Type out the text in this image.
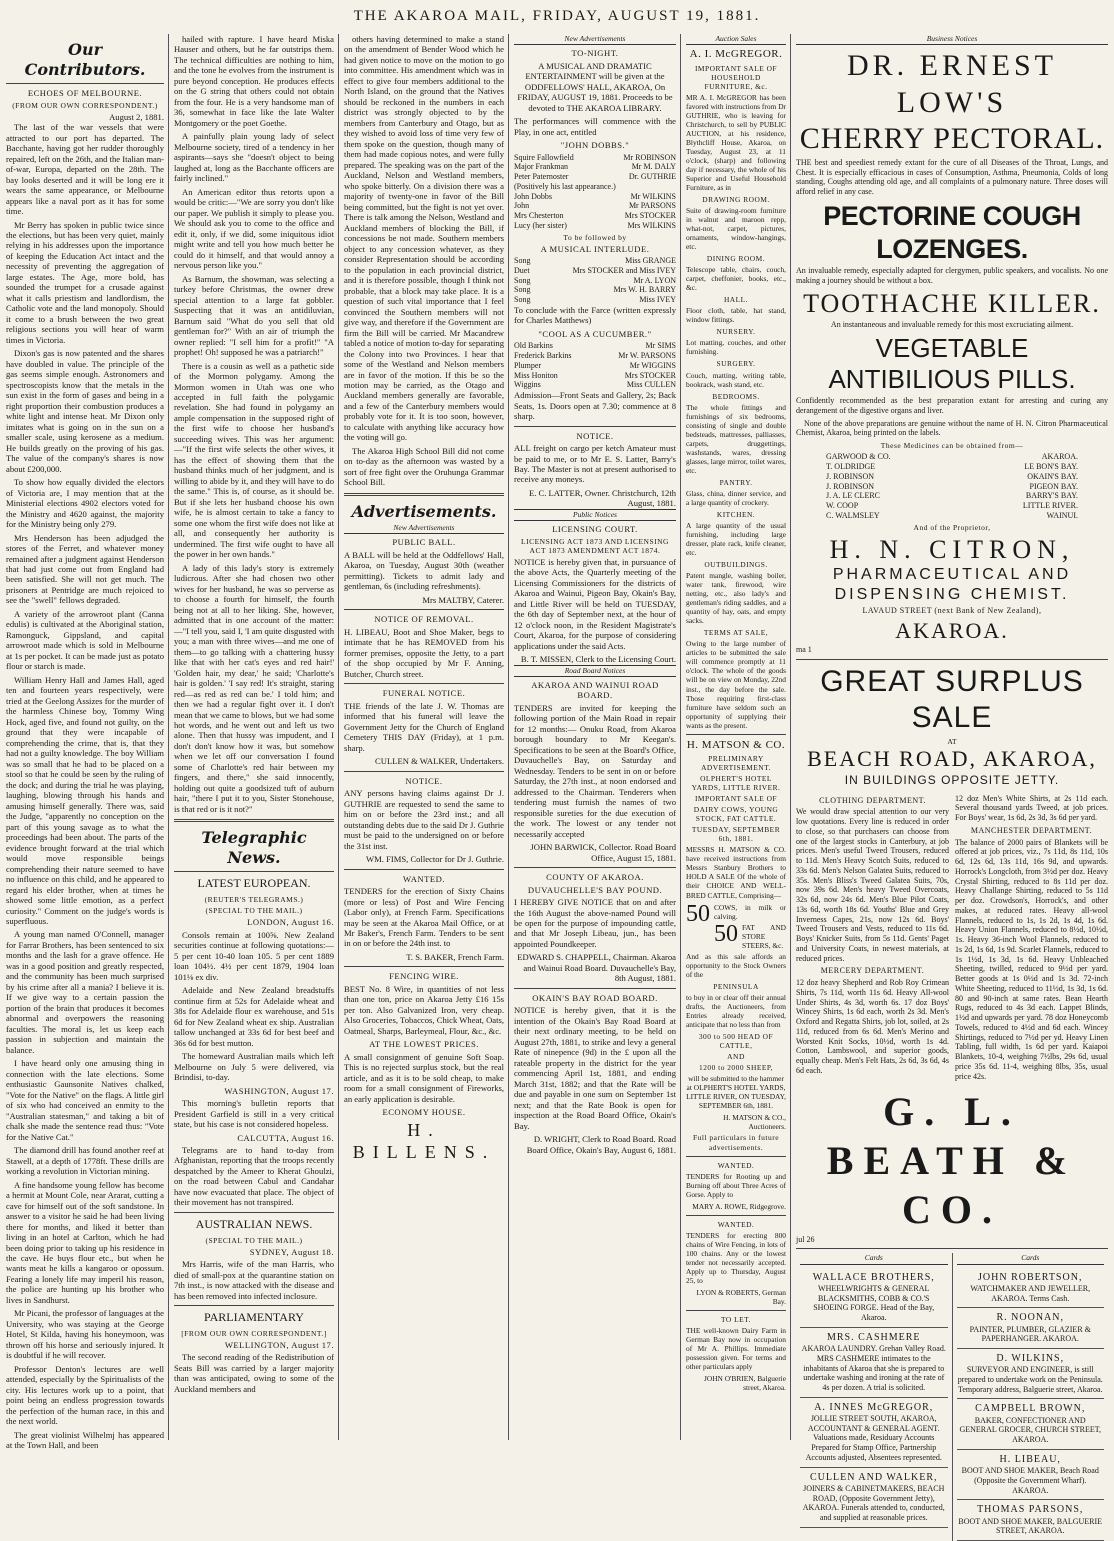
THE AKAROA MAIL, FRIDAY, AUGUST 19, 1881.
Our Contributors.
ECHOES OF MELBOURNE.
(FROM OUR OWN CORRESPONDENT.)
August 2, 1881.

The last of the war vessels that were attracted to our port has departed. The Bacchante, having got her rudder thoroughly repaired, left on the 26th, and the Italian man-of-war, Europa, departed on the 28th. The bay looks deserted and it will be long ere it wears the same appearance, or Melbourne appears like a naval port as it has for some time.

Mr Berry has spoken in public twice since the elections, but has been very quiet, mainly relying in his addresses upon the importance of keeping the Education Act intact and the necessity of preventing the aggregation of large estates. The Age, more bold, has sounded the trumpet for a crusade against what it calls priestism and landlordism, the Catholic vote and the land monopoly. Should it come to a brush between the two great religious sections you will hear of warm times in Victoria.

Dixon's gas is now patented and the shares have doubled in value. The principle of the gas seems simple enough. Astronomers and spectroscopists know that the metals in the sun exist in the form of gases and being in a right proportion their combustion produces a white light and intense heat. Mr Dixon only imitates what is going on in the sun on a smaller scale, using kerosene as a medium. He builds greatly on the proving of his gas. The value of the company's shares is now about £200,000.

To show how equally divided the electors of Victoria are, I may mention that at the Ministerial elections 4902 electors voted for the Ministry and 4620 against, the majority for the Ministry being only 279.

Mrs Henderson has been adjudged the stores of the Ferret, and whatever money remained after a judgment against Henderson that had just come out from England had been satisfied. She will not get much. The prisoners at Pentridge are much rejoiced to see the "swell" fellows degraded.

A variety of the arrowroot plant (Canna edulis) is cultivated at the Aboriginal station, Ramonguck, Gippsland, and capital arrowroot made which is sold in Melbourne at 1s per pocket. It can be made just as potato flour or starch is made.

William Henry Hall and James Hall, aged ten and fourteen years respectively, were tried at the Geelong Assizes for the murder of the harmless Chinese boy, Tommy Wing Hock, aged five, and found not guilty, on the ground that they were incapable of comprehending the crime, that is, that they had not a guilty knowledge. The boy William was so small that he had to be placed on a stool so that he could be seen by the ruling of the dock; and during the trial he was playing, laughing, blowing through his hands and amusing himself generally. There was, said the Judge, "apparently no conception on the part of this young savage as to what the proceedings had been about. The parts of the evidence brought forward at the trial which would move responsible beings comprehending their nature seemed to have no influence on this child, and he appeared to regard his elder brother, when at times he showed some little emotion, as a perfect curiosity." Comment on the judge's words is superfluous.

A young man named O'Connell, manager for Farrar Brothers, has been sentenced to six months and the lash for a grave offence. He was in a good position and greatly respected, and the community has been much surprised by his crime after all a mania? I believe it is. If we give way to a certain passion the portion of the brain that produces it becomes abnormal and overpowers the reasoning faculties. The moral is, let us keep each passion in subjection and maintain the balance.

I have heard only one amusing thing in connection with the late elections. Some enthusiastic Gaunsonite Natives chalked, "Vote for the Native" on the flags. A little girl of six who had conceived an enmity to the "Australian statesman," and taking a bit of chalk she made the sentence read thus: "Vote for the Native Cat."

The diamond drill has found another reef at Stawell, at a depth of 1778ft. These drills are working a revolution in Victorian mining.

A fine handsome young fellow has become a hermit at Mount Cole, near Ararat, cutting a cave for himself out of the soft sandstone. In answer to a visitor he said he had been living there for months, and liked it better than living in an hotel at Carlton, which he had been doing prior to taking up his residence in the cave. He buys flour etc., but when he wants meat he kills a kangaroo or opossum. Fearing a lonely life may imperil his reason, the police are hunting up his brother who lives in Sandhurst.

Mr Picani, the professor of languages at the University, who was staying at the George Hotel, St Kilda, having his honeymoon, was thrown off his horse and seriously injured. It is doubtful if he will recover.

Professor Denton's lectures are well attended, especially by the Spiritualists of the city. His lectures work up to a point, that point being an endless progression towards the perfection of the human race, in this and the next world.

The great violinist Wilhelmj has appeared at the Town Hall, and been

hailed with rapture. I have heard Miska Hauser and others, but he far outstrips them. The technical difficulties are nothing to him, and the tone he evolves from the instrument is pure beyond conception. He produces effects on the G string that others could not obtain from the four. He is a very handsome man of 36, somewhat in face like the late Walter Montgomery or the poet Goethe.

A painfully plain young lady of select Melbourne society, tired of a tendency in her aspirants—says she "doesn't object to being laughed at, long as the Bacchante officers are fairly inclined."

An American editor thus retorts upon a would be critic:—"We are sorry you don't like our paper. We publish it simply to please you. We should ask you to come to the office and edit it, only, if we did, some iniquitous idiot might write and tell you how much better he could do it himself, and that would annoy a nervous person like you."

As Barnum, the showman, was selecting a turkey before Christmas, the owner drew special attention to a large fat gobbler. Suspecting that it was an antidiluvian, Barnum said "What do you sell that old gentleman for?" With an air of triumph the owner replied: "I sell him for a profit!" "A prophet! Oh! supposed he was a patriarch!"

There is a cousin as well as a pathetic side of the Mormon polygamy. Among the Mormon women in Utah was one who accepted in full faith the polygamic revelation. She had found in polygamy an ample compensation in the supposed right of the first wife to choose her husband's succeeding wives. This was her argument:—"If the first wife selects the other wives, it has the effect of showing them that the husband thinks much of her judgment, and is willing to abide by it, and they will have to do the same." This is, of course, as it should be. But if she lets her husband choose his own wife, he is almost certain to take a fancy to some one whom the first wife does not like at all, and consequently her authority is undermined. The first wife ought to have all the power in her own hands."

A lady of this lady's story is extremely ludicrous. After she had chosen two other wives for her husband, he was so perverse as to choose a fourth for himself, the fourth being not at all to her liking. She, however, admitted that in one account of the matter:—"I tell you, said I, 'I am quite disgusted with you; a man with three wives—and me one of them—to go talking with a chattering hussy like that with her cat's eyes and red hair!' 'Golden hair, my dear,' he said; 'Charlotte's hair is golden.' 'I say red! It's straight, staring red—as red as red can be.' I told him; and then we had a regular fight over it. I don't mean that we came to blows, but we had some hot words, and he went out and left us two alone. Then that hussy was impudent, and I don't don't know how it was, but somehow when we let off our conversation I found some of Charlotte's red hair between my fingers, and there," she said innocently, holding out quite a goodsized tuft of auburn hair, "there I put it to you, Sister Stonehouse, is that red or is it not?"

Telegraphic News.
LATEST EUROPEAN.
(REUTER'S TELEGRAMS.)
(SPECIAL TO THE MAIL.)
LONDON, August 16.

Consols remain at 100⅝. New Zealand securities continue at following quotations:—5 per cent 10-40 loan 105. 5 per cent 1889 loan 104½. 4½ per cent 1879, 1904 loan 101⅛ ex div.

Adelaide and New Zealand breadstuffs continue firm at 52s for Adelaide wheat and 38s for Adelaide flour ex warehouse, and 51s 6d for New Zealand wheat ex ship. Australian tallow unchanged at 33s 6d for best beef and 36s 6d for best mutton.

The homeward Australian mails which left Melbourne on July 5 were delivered, via Brindisi, to-day.

WASHINGTON, August 17.

This morning's bulletin reports that President Garfield is still in a very critical state, but his case is not considered hopeless.

CALCUTTA, August 16.

Telegrams are to hand to-day from Afghanistan, reporting that the troops recently despatched by the Ameer to Kherat Ghoulzi, on the road between Cabul and Candahar have now evacuated that place. The object of their movement has not transpired.

AUSTRALIAN NEWS.
(SPECIAL TO THE MAIL.)
SYDNEY, August 18.

Mrs Harris, wife of the man Harris, who died of small-pox at the quarantine station on 7th inst., is now attacked with the disease and has been removed into infected inclosure.

PARLIAMENTARY
[FROM OUR OWN CORRESPONDENT.]
WELLINGTON, August 17.

The second reading of the Redistribution of Seats Bill was carried by a larger majority than was anticipated, owing to some of the Auckland members and

others having determined to make a stand on the amendment of Bender Wood which he had given notice to move on the motion to go into committee. His amendment which was in effect to give four members additional to the North Island, on the ground that the Natives should be reckoned in the numbers in each district was strongly objected to by the members from Canterbury and Otago, but as they wished to avoid loss of time very few of them spoke on the question, though many of them had made copious notes, and were fully prepared. The speaking was on the part of the Auckland, Nelson and Westland members, who spoke bitterly. On a division there was a majority of twenty-one in favor of the Bill being committed, but the fight is not yet over. There is talk among the Nelson, Westland and Auckland members of blocking the Bill, if concessions be not made. Southern members object to any concession whatever, as they consider Representation should be according to the population in each provincial district, and it is therefore possible, though I think not probable, that a block may take place. It is a question of such vital importance that I feel convinced the Southern members will not give way, and therefore if the Government are firm the Bill will be carried. Mr Macandrew tabled a notice of motion to-day for separating the Colony into two Provinces. I hear that some of the Westland and Nelson members are in favor of the motion. If this be so the motion may be carried, as the Otago and Auckland members generally are favorable, and a few of the Canterbury members would probably vote for it. It is too soon, however, to calculate with anything like accuracy how the voting will go.

The Akaroa High School Bill did not come on to-day as the afternoon was wasted by a sort of free fight over the Oruhunga Grammar School Bill.

Advertisements.
New Advertisements
PUBLIC BALL.

A BALL will be held at the Oddfellows' Hall, Akaroa, on Tuesday, August 30th (weather permitting). Tickets to admit lady and gentleman, 6s (including refreshments).

Mrs MALTBY, Caterer.
NOTICE OF REMOVAL.

H. LIBEAU, Boot and Shoe Maker, begs to intimate that he has REMOVED from his former premises, opposite the Jetty, to a part of the shop occupied by Mr F. Anning, Butcher, Church street.

FUNERAL NOTICE.

THE friends of the late J. W. Thomas are informed that his funeral will leave the Government Jetty for the Church of England Cemetery THIS DAY (Friday), at 1 p.m. sharp.

CULLEN & WALKER, Undertakers.
NOTICE.

ANY persons having claims against Dr J. GUTHRIE are requested to send the same to him on or before the 23rd inst.; and all outstanding debts due to the said Dr J. Guthrie must be paid to the undersigned on or before the 31st inst.

WM. FIMS, Collector for Dr J. Guthrie.
WANTED.

TENDERS for the erection of Sixty Chains (more or less) of Post and Wire Fencing (Labor only), at French Farm. Specifications may be seen at the Akaroa Mail Office, or at Mr Baker's, French Farm. Tenders to be sent in on or before the 24th inst. to

T. S. BAKER, French Farm.
FENCING WIRE.

BEST No. 8 Wire, in quantities of not less than one ton, price on Akaroa Jetty £16 15s per ton. Also Galvanized Iron, very cheap. Also Groceries, Tobaccos, Chick Wheat, Oats, Oatmeal, Sharps, Barleymeal, Flour, &c., &c.

AT THE LOWEST PRICES.

A small consignment of genuine Soft Soap. This is no rejected surplus stock, but the real article, and as it is to be sold cheap, to make room for a small consignment of Fireworks, an early application is desirable.

ECONOMY HOUSE.
H. BILLENS.
New Advertisements
TO-NIGHT.

A MUSICAL AND DRAMATIC ENTERTAINMENT will be given at the ODDFELLOWS' HALL, AKAROA, On FRIDAY, AUGUST 19, 1881. Proceeds to be devoted to THE AKAROA LIBRARY.

The performances will commence with the Play, in one act, entitled

"JOHN DOBBS."
Squire Fallowfield	Mr ROBINSON
Major Frankman	Mr M. DALY
Peter Paternoster	Dr. GUTHRIE
(Positively his last appearance.)
John Dobbs	Mr WILKINS
John	Mr PARSONS
Mrs Chesterton	Mrs STOCKER
Lucy (her sister)	Mrs WILKINS
To be followed by
A MUSICAL INTERLUDE.
Song	Miss GRANGE
Duet	Mrs STOCKER and Miss IVEY
Song	Mr A. LYON
Song	Mrs W. H. BARRY
Song	Miss IVEY

To conclude with the Farce (written expressly for Charles Matthews)

"COOL AS A CUCUMBER."
Old Barkins	Mr SIMS
Frederick Barkins	Mr W. PARSONS
Plumper	Mr WIGGINS
Miss Honiton	Mrs STOCKER
Wiggins	Miss CULLEN

Admission—Front Seats and Gallery, 2s; Back Seats, 1s. Doors open at 7.30; commence at 8 sharp.

NOTICE.

ALL freight on cargo per ketch Amateur must be paid to me, or to Mr E. S. Latter, Barry's Bay. The Master is not at present authorised to receive any moneys.

E. C. LATTER, Owner. Christchurch, 12th August, 1881.
Public Notices
LICENSING COURT.
LICENSING ACT 1873 AND LICENSING ACT 1873 AMENDMENT ACT 1874.

NOTICE is hereby given that, in pursuance of the above Acts, the Quarterly meeting of the Licensing Commissioners for the districts of Akaroa and Wainui, Pigeon Bay, Okain's Bay, and Little River will be held on TUESDAY, the 6th day of September next, at the hour of 12 o'clock noon, in the Resident Magistrate's Court, Akaroa, for the purpose of considering applications under the said Acts.

B. T. MISSEN, Clerk to the Licensing Court.
Road Board Notices
AKAROA AND WAINUI ROAD BOARD.

TENDERS are invited for keeping the following portion of the Main Road in repair for 12 months:— Onuku Road, from Akaroa borough boundary to Mr Keegan's. Specifications to be seen at the Board's Office, Duvauchelle's Bay, on Saturday and Wednesday. Tenders to be sent in on or before Saturday, the 27th inst., at noon endorsed and addressed to the Chairman. Tenderers when tendering must furnish the names of two responsible sureties for the due execution of the work. The lowest or any tender not necessarily accepted

JOHN BARWICK, Collector. Road Board Office, August 15, 1881.
COUNTY OF AKAROA.
DUVAUCHELLE'S BAY POUND.

I HEREBY GIVE NOTICE that on and after the 16th August the above-named Pound will be open for the purpose of impounding cattle, and that Mr Joseph Libeau, jun., has been appointed Poundkeeper.

EDWARD S. CHAPPELL, Chairman. Akaroa and Wainui Road Board. Duvauchelle's Bay, 8th August, 1881.
OKAIN'S BAY ROAD BOARD.

NOTICE is hereby given, that it is the intention of the Okain's Bay Road Board at their next ordinary meeting, to be held on August 27th, 1881, to strike and levy a general Rate of ninepence (9d) in the £ upon all the rateable property in the district for the year commencing April 1st, 1881, and ending March 31st, 1882; and that the Rate will be due and payable in one sum on September 1st next; and that the Rate Book is open for inspection at the Road Board Office, Okain's Bay.

D. WRIGHT, Clerk to Road Board. Road Board Office, Okain's Bay, August 6, 1881.
Auction Sales
A. I. McGREGOR.
IMPORTANT SALE OF HOUSEHOLD FURNITURE, &c.

MR A. I. McGREGOR has been favored with instructions from Dr GUTHRIE, who is leaving for Christchurch, to sell by PUBLIC AUCTION, at his residence, Blythcliff House, Akaroa, on Tuesday, August 23, at 11 o'clock, (sharp) and following day if necessary, the whole of his Superior and Useful Household Furniture, as in

DRAWING ROOM.

Suite of drawing-room furniture in walnut and maroon repp, what-not, carpet, pictures, ornaments, window-hangings, etc.

DINING ROOM.

Telescope table, chairs, couch, carpet, cheffonier, books, etc., &c.

HALL.

Floor cloth, table, hat stand, window fittings.

NURSERY.

Lot matting, couches, and other furnishing.

SURGERY.

Couch, matting, writing table, bookrack, wash stand, etc.

BEDROOMS.

The whole fittings and furnishings of six bedrooms, consisting of single and double bedsteads, mattresses, palliasses, carpets, druggettings, washstands, wares, dressing glasses, large mirror, toilet wares, etc.

PANTRY.

Glass, china, dinner service, and a large quantity of crockery.

KITCHEN.

A large quantity of the usual furnishing, including large dresser, plate rack, knife cleaner, etc.

OUTBUILDINGS.

Patent mangle, washing boiler, water tank, firewood, wire netting, etc., also lady's and gentleman's riding saddles, and a quantity of hay, oats, and empty sacks.

TERMS AT SALE,

Owing to the large number of articles to be submitted the sale will commence promptly at 11 o'clock. The whole of the goods will be on view on Monday, 22nd inst., the day before the sale. Those requiring first-class furniture have seldom such an opportunity of supplying their wants as the present.

H. MATSON & CO.
PRELIMINARY ADVERTISEMENT.
OLPHERT'S HOTEL YARDS, LITTLE RIVER.
IMPORTANT SALE OF
DAIRY COWS, YOUNG STOCK, FAT CATTLE.
TUESDAY, SEPTEMBER 6th, 1881.

MESSRS H. MATSON & CO. have received instructions from Messrs Stanbury Brothers to HOLD A SALE Of the whole of their CHOICE AND WELL-BRED CATTLE, Comprising—

50 COWS, in milk or calving.
50 FAT AND STORE STEERS, &c.

And as this sale affords an opportunity to the Stock Owners of the

PENINSULA

to buy in or clear off their annual drafts, the Auctioneers, from Entries already received, anticipate that no less than from

300 to 500 HEAD OF CATTLE,
AND
1200 to 2000 SHEEP,

will be submitted to the hammer at OLPHERT'S HOTEL YARDS, LITTLE RIVER, ON TUESDAY, SEPTEMBER 6th, 1881.

H. MATSON & CO., Auctioneers.
Full particulars in future advertisements.
WANTED.

TENDERS for Rooting up and Burning off about Three Acres of Gorse. Apply to

MARY A. ROWE, Ridgegrove.
WANTED.

TENDERS for erecting 800 chains of Wire Fencing, in lots of 100 chains. Any or the lowest tender not necessarily accepted. Apply up to Thursday, August 25, to

LYON & ROBERTS, German Bay.
TO LET.

THE well-known Dairy Farm in German Bay now in occupation of Mr A. Phillips. Immediate possession given. For terms and other particulars apply

JOHN O'BRIEN, Balguerie street, Akaroa.
Business Notices
DR. ERNEST LOW'S
CHERRY PECTORAL.

THE best and speediest remedy extant for the cure of all Diseases of the Throat, Lungs, and Chest. It is especially efficacious in cases of Consumption, Asthma, Pneumonia, Colds of long standing, Coughs attending old age, and all complaints of a pulmonary nature. Three doses will afford relief in any case.

PECTORINE COUGH LOZENGES.

An invaluable remedy, especially adapted for clergymen, public speakers, and vocalists. No one making a journey should be without a box.

TOOTHACHE KILLER.

An instantaneous and invaluable remedy for this most excruciating ailment.

VEGETABLE ANTIBILIOUS PILLS.

Confidently recommended as the best preparation extant for arresting and curing any derangement of the digestive organs and liver.

None of the above preparations are genuine without the name of H. N. Citron Pharmaceutical Chemist, Akaroa, being printed on the labels.

These Medicines can be obtained from—
GARWOOD & CO.	AKAROA.
T. OLDRIDGE	LE BON'S BAY.
J. ROBINSON	OKAIN'S BAY.
J. ROBINSON	PIGEON BAY.
J. A. LE CLERC	BARRY'S BAY.
W. COOP	LITTLE RIVER.
C. WALMSLEY	WAINUI.
And of the Proprietor,
H. N. CITRON,
PHARMACEUTICAL AND DISPENSING CHEMIST.
LAVAUD STREET (next Bank of New Zealand),
AKAROA.
ma 1
GREAT SURPLUS SALE
AT
BEACH ROAD, AKAROA,
IN BUILDINGS OPPOSITE JETTY.
CLOTHING DEPARTMENT.

We would draw special attention to our very low quotations. Every line is reduced in order to close, so that purchasers can choose from one of the largest stocks in Canterbury, at job prices. Men's useful Tweed Trousers, reduced to 11d. Men's Heavy Scotch Suits, reduced to 33s 6d. Men's Nelson Galatea Suits, reduced to 35s. Men's Bliss's Tweed Galatea Suits, 70s, now 39s 6d. Men's heavy Tweed Overcoats, 32s 6d, now 24s 6d. Men's Blue Pilot Coats, 13s 6d, worth 18s 6d. Youths' Blue and Grey Inverness Capes, 21s, now 12s 6d. Boys' Tweed Trousers and Vests, reduced to 11s 6d. Boys' Knicker Suits, from 5s 11d. Gents' Paget and University Coats, in newest materials, at reduced prices.

MERCERY DEPARTMENT.

12 doz heavy Shepherd and Rob Roy Crimean Shirts, 7s 11d, worth 11s 6d. Heavy All-wool Under Shirts, 4s 3d, worth 6s. 17 doz Boys' Wincey Shirts, 1s 6d each, worth 2s 3d. Men's Oxford and Regatta Shirts, job lot, soiled, at 2s 11d, reduced from 6s 6d. Men's Merino and Worsted Knit Socks, 10½d, worth 1s 4d. Cotton, Lambswool, and superior goods, equally cheap. Men's Felt Hats, 2s 6d, 3s 6d, 4s 6d each.

12 doz Men's White Shirts, at 2s 11d each. Several thousand yards Tweed, at job prices. For Boys' wear, 1s 6d, 2s 3d, 3s 6d per yard.

MANCHESTER DEPARTMENT.

The balance of 2000 pairs of Blankets will be offered at job prices, viz., 7s 11d, 8s 11d, 10s 6d, 12s 6d, 13s 11d, 16s 9d, and upwards. Horrock's Longcloth, from 3½d per doz. Heavy Crystal Shirting, reduced to 8s 11d per doz. Heavy Challange Shirting, reduced to 5s 11d per doz. Crowdson's, Horrock's, and other makes, at reduced rates. Heavy all-wool Flannels, reduced to 1s, 1s 2d, 1s 4d, 1s 6d. Heavy Union Flannels, reduced to 8½d, 10½d, 1s. Heavy 36-inch Wool Flannels, reduced to 1s 2d, 1s 6d, 1s 9d. Scarlet Flannels, reduced to 1s 1½d, 1s 3d, 1s 6d. Heavy Unbleached Sheeting, twilled, reduced to 9½d per yard. Better goods at 1s 0½d and 1s 3d. 72-inch White Sheeting, reduced to 11½d, 1s 3d, 1s 6d. 80 and 90-inch at same rates. Bean Hearth Rugs, reduced to 4s 3d each. Lappet Blinds, 1½d and upwards per yard. 78 doz Honeycomb Towels, reduced to 4½d and 6d each. Wincey Shirtings, reduced to 7½d per yd. Heavy Linen Tabling, full width, 1s 6d per yard. Kaiapoi Blankets, 10-4, weighing 7½lbs, 29s 6d, usual price 35s 6d. 11-4, weighing 8lbs, 35s, usual price 42s.

G. L. BEATH & CO.
jul 26
Cards
WALLACE BROTHERS,
WHEELWRIGHTS & GENERAL BLACKSMITHS, COBB & CO.'S SHOEING FORGE. Head of the Bay, Akaroa.
MRS. CASHMERE
AKAROA LAUNDRY. Grehan Valley Road. MRS CASHMERE intimates to the inhabitants of Akaroa that she is prepared to undertake washing and ironing at the rate of 4s per dozen. A trial is solicited.
A. INNES McGREGOR,
JOLLIE STREET SOUTH, AKAROA, ACCOUNTANT & GENERAL AGENT. Valuations made, Residuary Accounts Prepared for Stamp Office, Partnership Accounts adjusted, Absentees represented.
CULLEN AND WALKER,
JOINERS & CABINETMAKERS, BEACH ROAD, (Opposite Government Jetty), AKAROA. Funerals attended to, conducted, and supplied at reasonable prices.
Cards
JOHN ROBERTSON,
WATCHMAKER AND JEWELLER, AKAROA. Terms Cash.
R. NOONAN,
PAINTER, PLUMBER, GLAZIER & PAPERHANGER. AKAROA.
D. WILKINS,
SURVEYOR AND ENGINEER, is still prepared to undertake work on the Peninsula. Temporary address, Balguerie street, Akaroa.
CAMPBELL BROWN,
BAKER, CONFECTIONER AND GENERAL GROCER, CHURCH STREET, AKAROA.
H. LIBEAU,
BOOT AND SHOE MAKER, Beach Road (Opposite the Government Wharf). AKAROA.
THOMAS PARSONS,
BOOT AND SHOE MAKER, BALGUERIE STREET, AKAROA.
